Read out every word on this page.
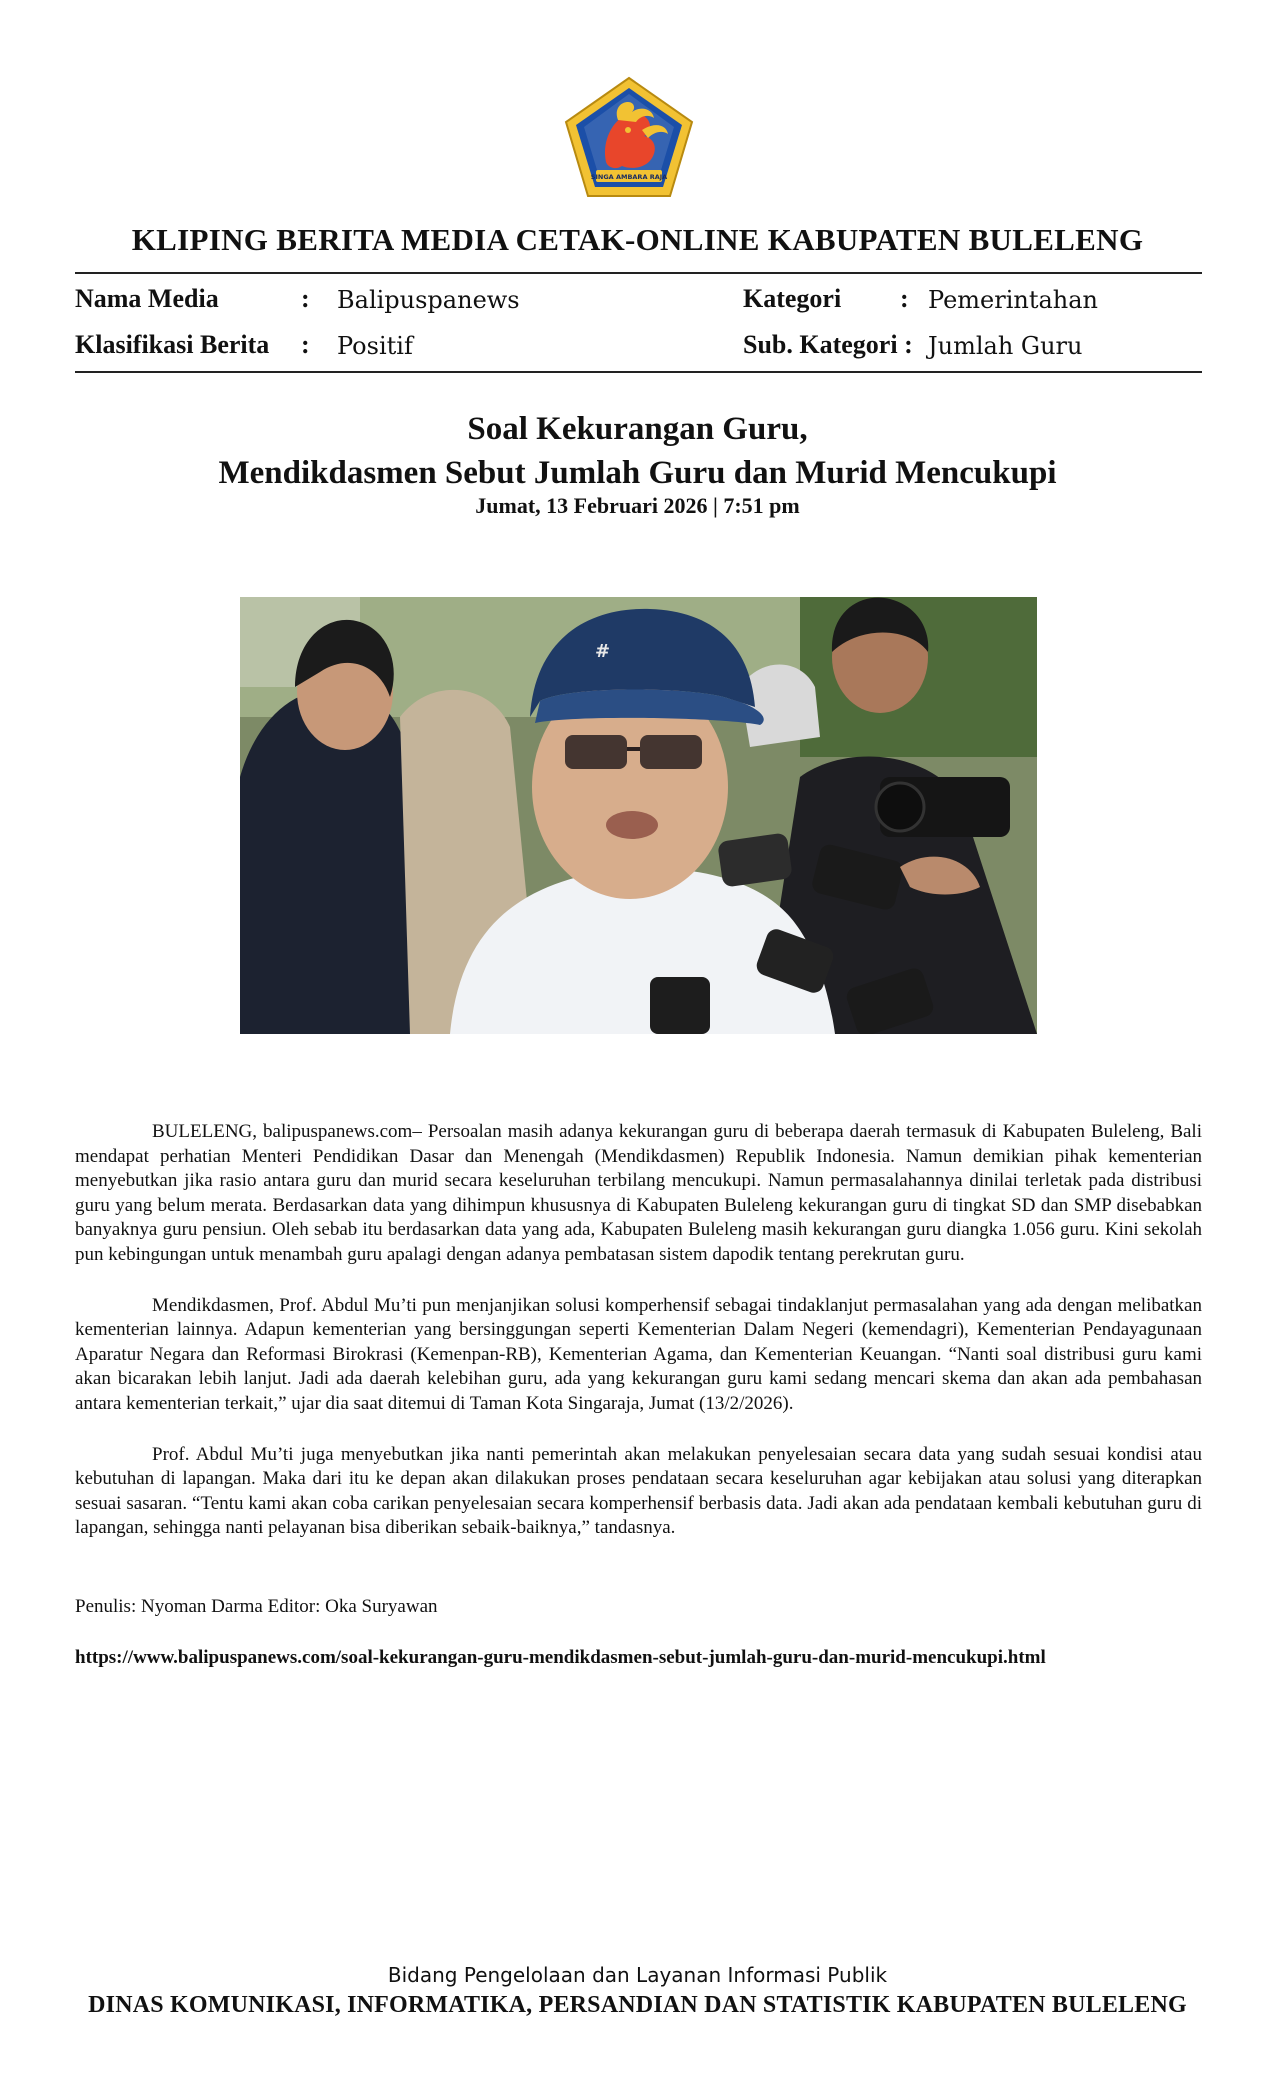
SINGA AMBARA RAJA
KLIPING BERITA MEDIA CETAK-ONLINE KABUPATEN BULELENG
Nama Media	: Balipuspanews	Kategori : Pemerintahan
Klasifikasi Berita : Positif	Sub. Kategori : Jumlah Guru
Soal Kekurangan Guru,
Mendikdasmen Sebut Jumlah Guru dan Murid Mencukupi
Jumat, 13 Februari 2026 | 7:51 pm
#

BULELENG, balipuspanews.com– Persoalan masih adanya kekurangan guru di beberapa daerah termasuk di Kabupaten Buleleng, Bali mendapat perhatian Menteri Pendidikan Dasar dan Menengah (Mendikdasmen) Republik Indonesia. Namun demikian pihak kementerian menyebutkan jika rasio antara guru dan murid secara keseluruhan terbilang mencukupi. Namun permasalahannya dinilai terletak pada distribusi guru yang belum merata. Berdasarkan data yang dihimpun khususnya di Kabupaten Buleleng kekurangan guru di tingkat SD dan SMP disebabkan banyaknya guru pensiun. Oleh sebab itu berdasarkan data yang ada, Kabupaten Buleleng masih kekurangan guru diangka 1.056 guru. Kini sekolah pun kebingungan untuk menambah guru apalagi dengan adanya pembatasan sistem dapodik tentang perekrutan guru.

Mendikdasmen, Prof. Abdul Mu’ti pun menjanjikan solusi komperhensif sebagai tindaklanjut permasalahan yang ada dengan melibatkan kementerian lainnya. Adapun kementerian yang bersinggungan seperti Kementerian Dalam Negeri (kemendagri), Kementerian Pendayagunaan Aparatur Negara dan Reformasi Birokrasi (Kemenpan-RB), Kementerian Agama, dan Kementerian Keuangan. “Nanti soal distribusi guru kami akan bicarakan lebih lanjut. Jadi ada daerah kelebihan guru, ada yang kekurangan guru kami sedang mencari skema dan akan ada pembahasan antara kementerian terkait,” ujar dia saat ditemui di Taman Kota Singaraja, Jumat (13/2/2026).

Prof. Abdul Mu’ti juga menyebutkan jika nanti pemerintah akan melakukan penyelesaian secara data yang sudah sesuai kondisi atau kebutuhan di lapangan. Maka dari itu ke depan akan dilakukan proses pendataan secara keseluruhan agar kebijakan atau solusi yang diterapkan sesuai sasaran. “Tentu kami akan coba carikan penyelesaian secara komperhensif berbasis data. Jadi akan ada pendataan kembali kebutuhan guru di lapangan, sehingga nanti pelayanan bisa diberikan sebaik-baiknya,” tandasnya.

Penulis: Nyoman Darma Editor: Oka Suryawan
https://www.balipuspanews.com/soal-kekurangan-guru-mendikdasmen-sebut-jumlah-guru-dan-murid-mencukupi.html
Bidang Pengelolaan dan Layanan Informasi Publik
DINAS KOMUNIKASI, INFORMATIKA, PERSANDIAN DAN STATISTIK KABUPATEN BULELENG
